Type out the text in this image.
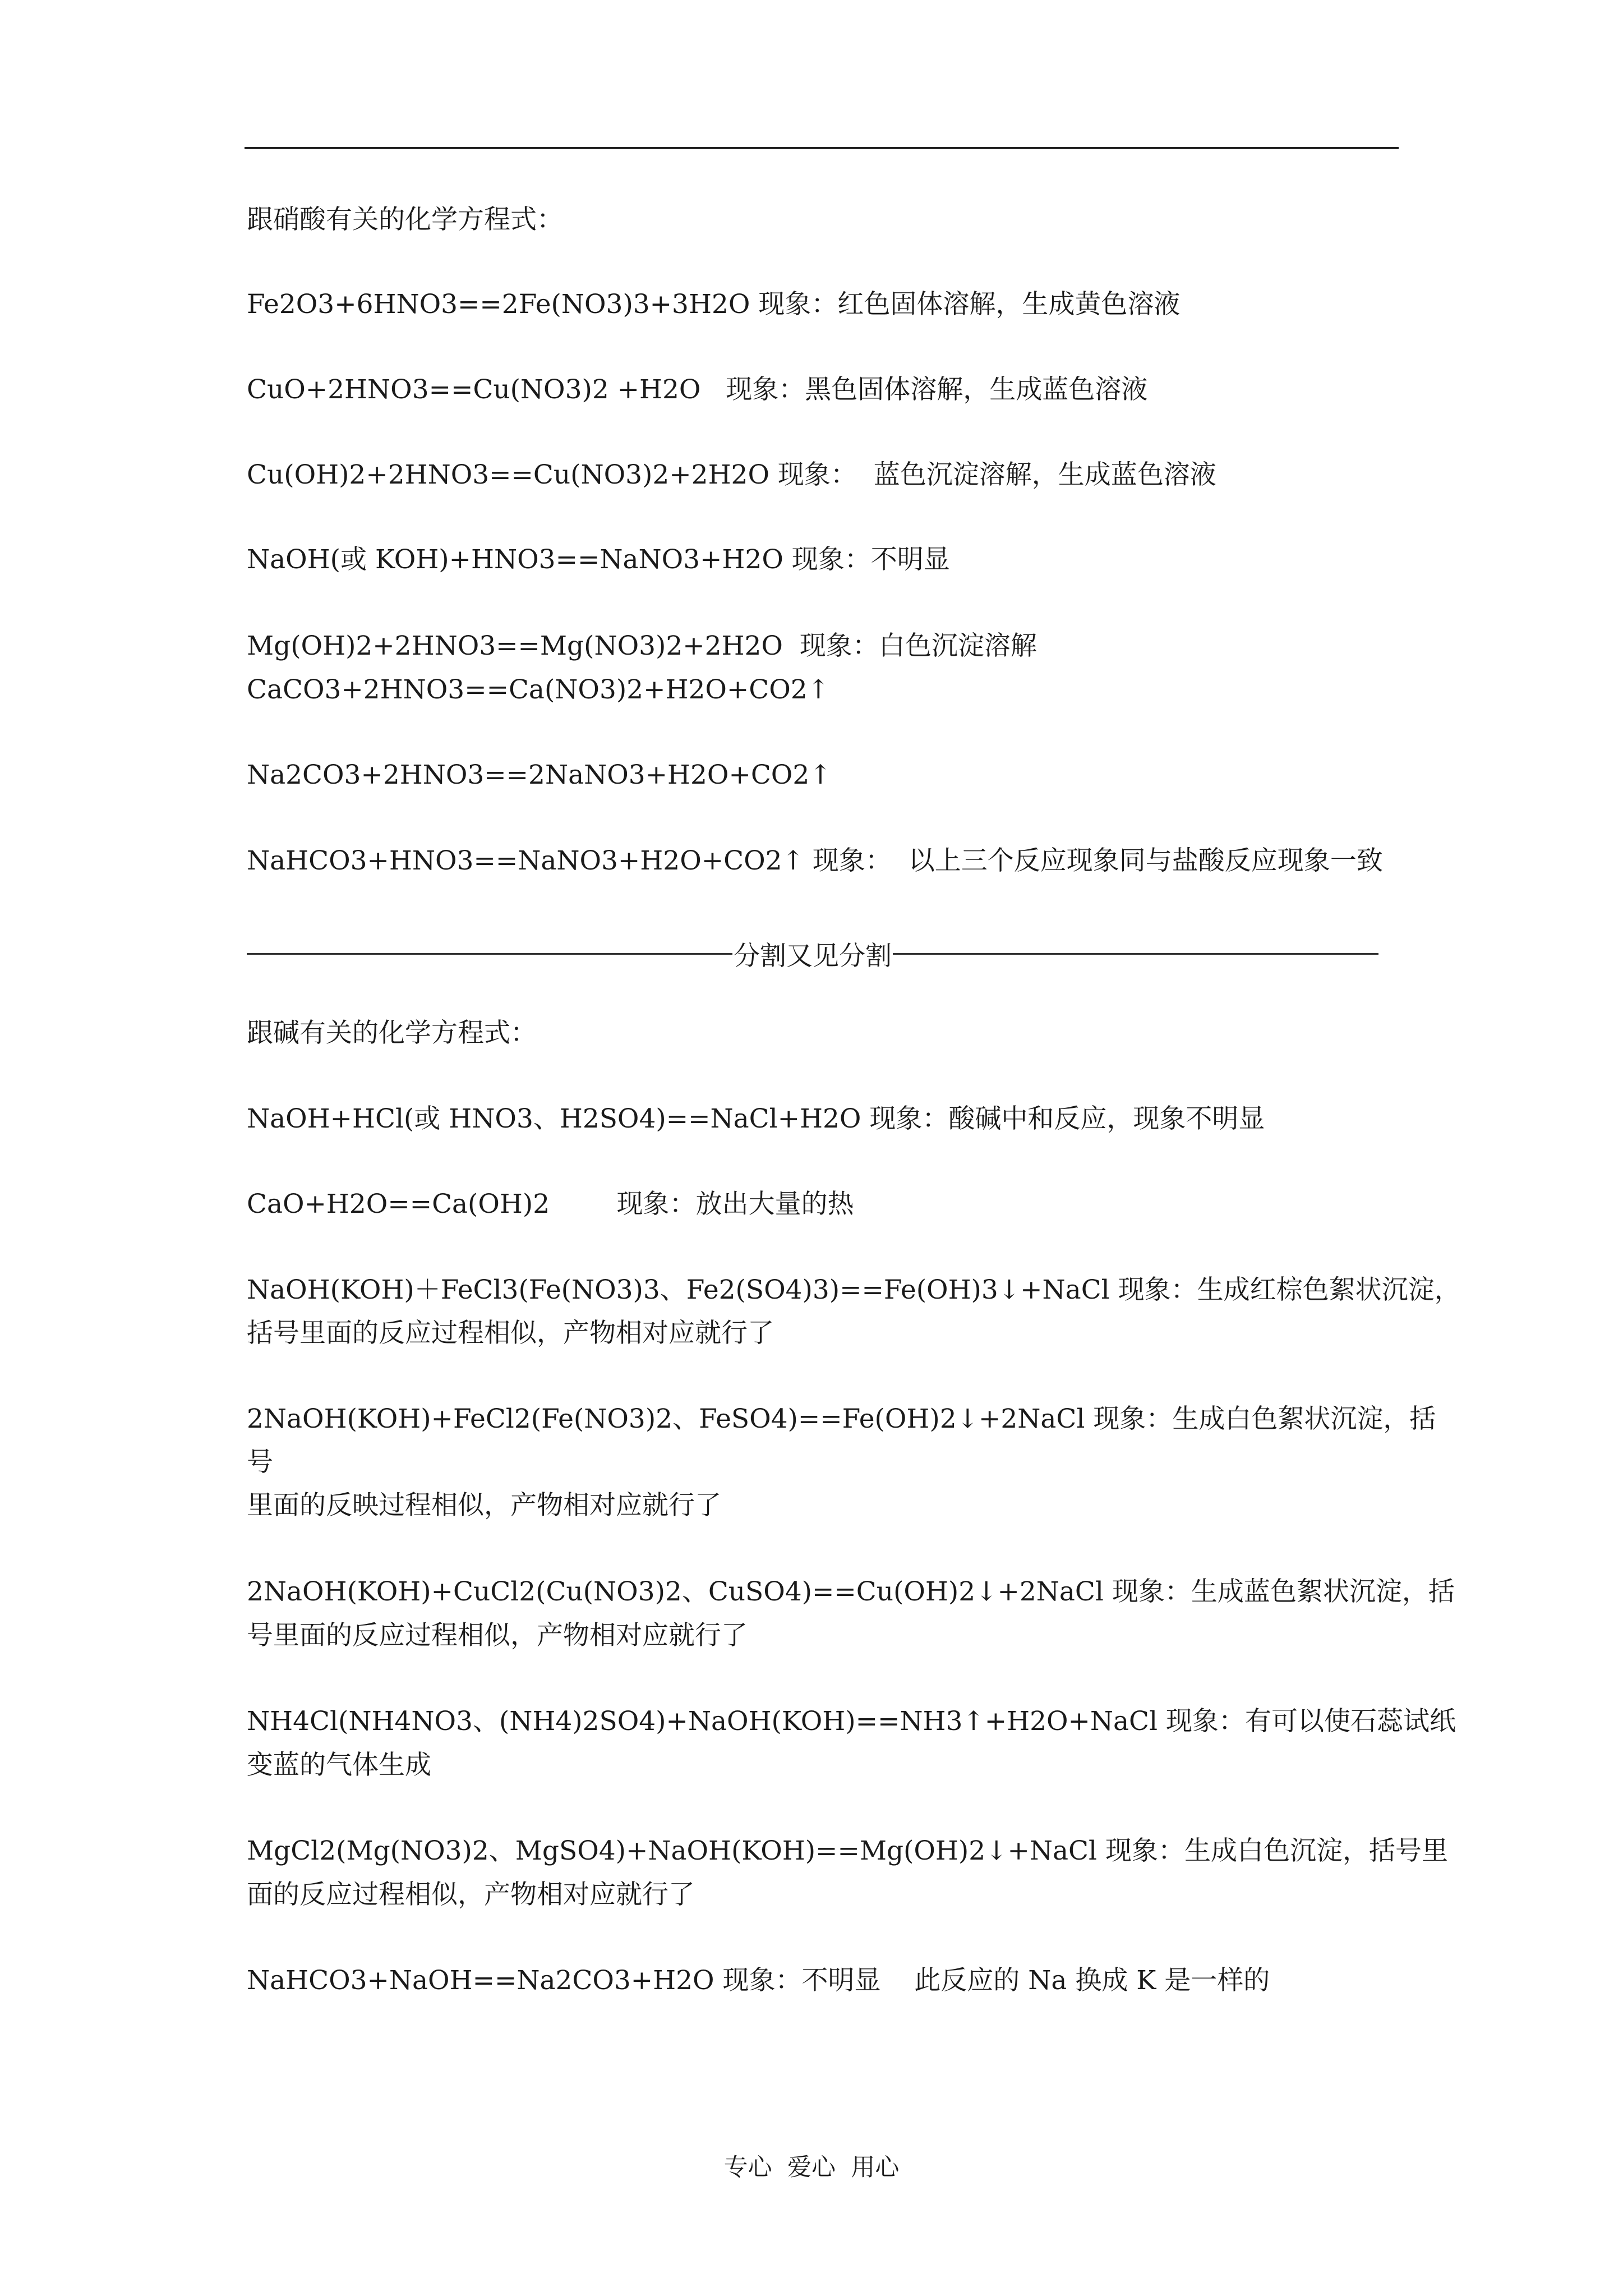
跟硝酸有关的化学方程式：
Fe2O3+6HNO3==2Fe(NO3)3+3H2O 现象：红色固体溶解，生成黄色溶液
CuO+2HNO3==Cu(NO3)2 +H2O   现象：黑色固体溶解，生成蓝色溶液
Cu(OH)2+2HNO3==Cu(NO3)2+2H2O 现象：  蓝色沉淀溶解，生成蓝色溶液
NaOH(或 KOH)+HNO3==NaNO3+H2O 现象：不明显
Mg(OH)2+2HNO3==Mg(NO3)2+2H2O  现象：白色沉淀溶解
CaCO3+2HNO3==Ca(NO3)2+H2O+CO2↑
Na2CO3+2HNO3==2NaNO3+H2O+CO2↑
NaHCO3+HNO3==NaNO3+H2O+CO2↑ 现象：  以上三个反应现象同与盐酸反应现象一致
分割又见分割
跟碱有关的化学方程式：
NaOH+HCl(或 HNO3、H2SO4)==NaCl+H2O 现象：酸碱中和反应，现象不明显
CaO+H2O==Ca(OH)2        现象：放出大量的热
NaOH(KOH)＋FeCl3(Fe(NO3)3、Fe2(SO4)3)==Fe(OH)3↓+NaCl 现象：生成红棕色絮状沉淀，
括号里面的反应过程相似，产物相对应就行了
2NaOH(KOH)+FeCl2(Fe(NO3)2、FeSO4)==Fe(OH)2↓+2NaCl 现象：生成白色絮状沉淀，括
号
里面的反映过程相似，产物相对应就行了
2NaOH(KOH)+CuCl2(Cu(NO3)2、CuSO4)==Cu(OH)2↓+2NaCl 现象：生成蓝色絮状沉淀，括
号里面的反应过程相似，产物相对应就行了
NH4Cl(NH4NO3、(NH4)2SO4)+NaOH(KOH)==NH3↑+H2O+NaCl 现象：有可以使石蕊试纸
变蓝的气体生成
MgCl2(Mg(NO3)2、MgSO4)+NaOH(KOH)==Mg(OH)2↓+NaCl 现象：生成白色沉淀，括号里
面的反应过程相似，产物相对应就行了
NaHCO3+NaOH==Na2CO3+H2O 现象：不明显    此反应的 Na 换成 K 是一样的
专心  爱心  用心
